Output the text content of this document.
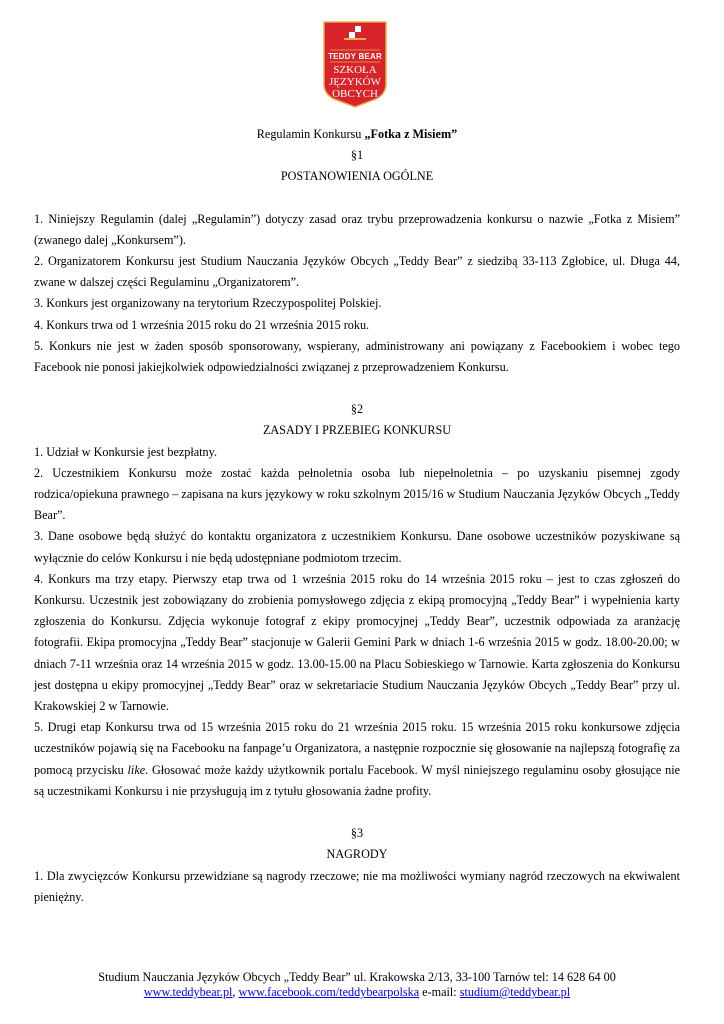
TEDDY BEAR
SZKOŁA
JĘZYKÓW
OBCYCH

Regulamin Konkursu „Fotka z Misiem”

§1

POSTANOWIENIA OGÓLNE

1. Niniejszy Regulamin (dalej „Regulamin”) dotyczy zasad oraz trybu przeprowadzenia konkursu o nazwie „Fotka z Misiem” (zwanego dalej „Konkursem”).

2. Organizatorem Konkursu jest Studium Nauczania Języków Obcych „Teddy Bear” z siedzibą 33-113 Zgłobice, ul. Długa 44, zwane w dalszej części Regulaminu „Organizatorem”.

3. Konkurs jest organizowany na terytorium Rzeczypospolitej Polskiej.

4. Konkurs trwa od 1 września 2015 roku do 21 września 2015 roku.

5. Konkurs nie jest w żaden sposób sponsorowany, wspierany, administrowany ani powiązany z Facebookiem i wobec tego Facebook nie ponosi jakiejkolwiek odpowiedzialności związanej z przeprowadzeniem Konkursu.

§2

ZASADY I PRZEBIEG KONKURSU

1. Udział w Konkursie jest bezpłatny.

2. Uczestnikiem Konkursu może zostać każda pełnoletnia osoba lub niepełnoletnia – po uzyskaniu pisemnej zgody rodzica/opiekuna prawnego – zapisana na kurs językowy w roku szkolnym 2015/16 w Studium Nauczania Języków Obcych „Teddy Bear”.

3. Dane osobowe będą służyć do kontaktu organizatora z uczestnikiem Konkursu. Dane osobowe uczestników pozyskiwane są wyłącznie do celów Konkursu i nie będą udostępniane podmiotom trzecim.

4. Konkurs ma trzy etapy. Pierwszy etap trwa od 1 września 2015 roku do 14 września 2015 roku – jest to czas zgłoszeń do Konkursu. Uczestnik jest zobowiązany do zrobienia pomysłowego zdjęcia z ekipą promocyjną „Teddy Bear” i wypełnienia karty zgłoszenia do Konkursu. Zdjęcia wykonuje fotograf z ekipy promocyjnej „Teddy Bear”, uczestnik odpowiada za aranżację fotografii. Ekipa promocyjna „Teddy Bear” stacjonuje w Galerii Gemini Park w dniach 1-6 września 2015 w godz. 18.00-20.00; w dniach 7-11 września oraz 14 września 2015 w godz. 13.00-15.00 na Placu Sobieskiego w Tarnowie. Karta zgłoszenia do Konkursu jest dostępna u ekipy promocyjnej „Teddy Bear” oraz w sekretariacie Studium Nauczania Języków Obcych „Teddy Bear” przy ul. Krakowskiej 2 w Tarnowie.

5. Drugi etap Konkursu trwa od 15 września 2015 roku do 21 września 2015 roku. 15 września 2015 roku konkursowe zdjęcia uczestników pojawią się na Facebooku na fanpage’u Organizatora, a następnie rozpocznie się głosowanie na najlepszą fotografię za pomocą przycisku like. Głosować może każdy użytkownik portalu Facebook. W myśl niniejszego regulaminu osoby głosujące nie są uczestnikami Konkursu i nie przysługują im z tytułu głosowania żadne profity.

§3

NAGRODY

1. Dla zwycięzców Konkursu przewidziane są nagrody rzeczowe; nie ma możliwości wymiany nagród rzeczowych na ekwiwalent pieniężny.

Studium Nauczania Języków Obcych „Teddy Bear” ul. Krakowska 2/13, 33-100 Tarnów tel: 14 628 64 00
www.teddybear.pl, www.facebook.com/teddybearpolska e-mail: studium@teddybear.pl
